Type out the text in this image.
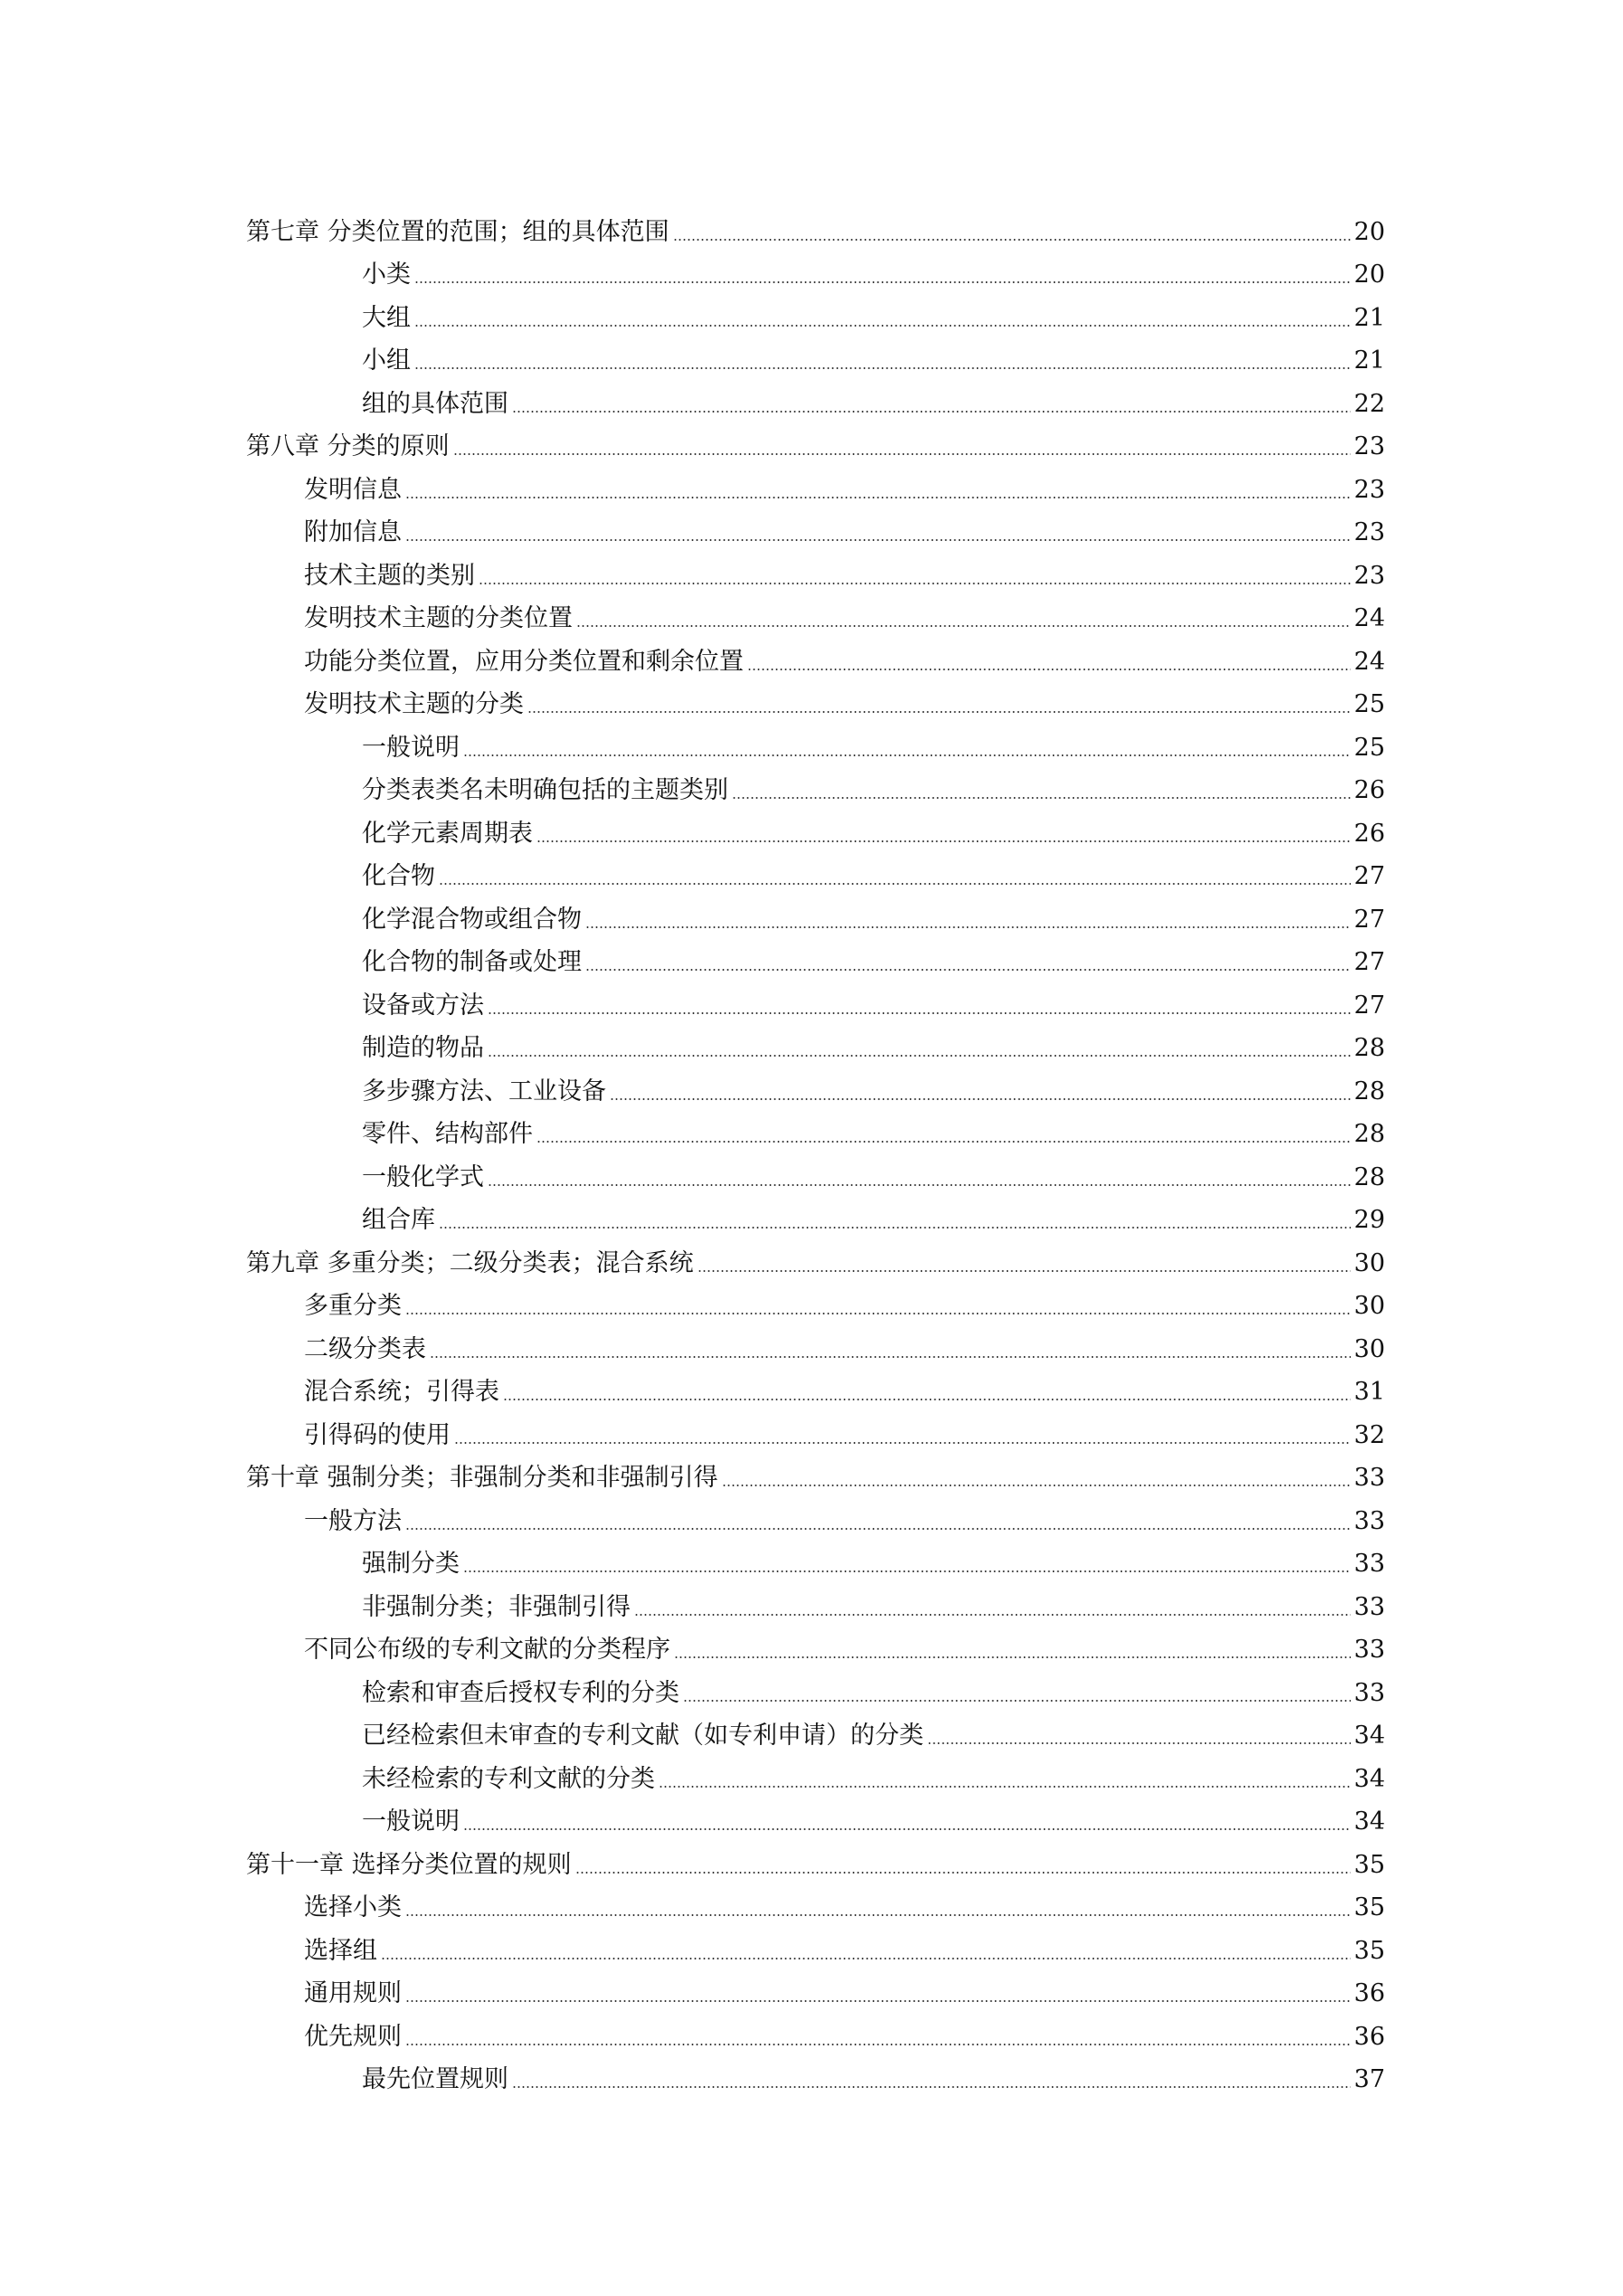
第七章 分类位置的范围；组的具体范围	20
小类	20
大组	21
小组	21
组的具体范围	22
第八章 分类的原则	23
发明信息	23
附加信息	23
技术主题的类别	23
发明技术主题的分类位置	24
功能分类位置，应用分类位置和剩余位置	24
发明技术主题的分类	25
一般说明	25
分类表类名未明确包括的主题类别	26
化学元素周期表	26
化合物	27
化学混合物或组合物	27
化合物的制备或处理	27
设备或方法	27
制造的物品	28
多步骤方法、工业设备	28
零件、结构部件	28
一般化学式	28
组合库	29
第九章 多重分类；二级分类表；混合系统	30
多重分类	30
二级分类表	30
混合系统；引得表	31
引得码的使用	32
第十章 强制分类；非强制分类和非强制引得	33
一般方法	33
强制分类	33
非强制分类；非强制引得	33
不同公布级的专利文献的分类程序	33
检索和审查后授权专利的分类	33
已经检索但未审查的专利文献（如专利申请）的分类	34
未经检索的专利文献的分类	34
一般说明	34
第十一章 选择分类位置的规则	35
选择小类	35
选择组	35
通用规则	36
优先规则	36
最先位置规则	37
